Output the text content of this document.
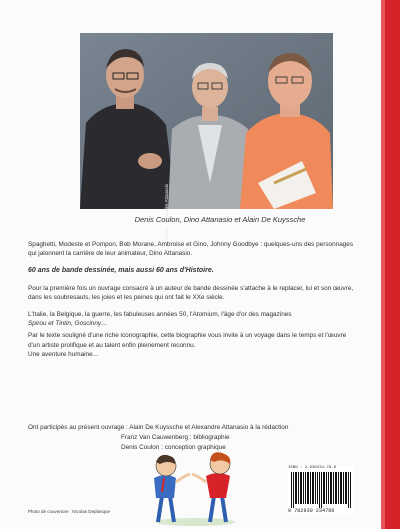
Photo : Alexandre Attanasio
Denis Coulon, Dino Attanasio et Alain De Kuyssche

Spaghetti, Modeste et Pompon, Bob Morane, Ambroise et Gino, Johnny Goodbye : quelques-uns des personnages qui jalonnent la carrière de leur animateur, Dino Attanasio.

60 ans de bande dessinée, mais aussi 60 ans d'Histoire.

Pour la première fois un ouvrage consacré à un auteur de bande dessinée s'attache à le replacer, lui et son œuvre, dans les soubresauts, les joies et les peines qui ont fait le XXe siècle.

L'Italie, la Belgique, la guerre, les fabuleuses années 50, l'Atomium, l'âge d'or des magazines
Spirou et Tintin, Goscinny…

Par le texte souligné d'une riche iconographie, cette biographie vous invite à un voyage dans le temps et l'œuvre d'un artiste prolifique et au talent enfin pleinement reconnu.
Une aventure humaine…

Ont participés au présent ouvrage : Alain De Kuyssche et Alexandre Attanasio à la rédaction
Franz Van Cauwenberg : bibliographie
Denis Coulon : conception graphique
Photo de couverture : Nicolas Deplanque
ISBN : 2-930234-78-6
9 782930 234786
